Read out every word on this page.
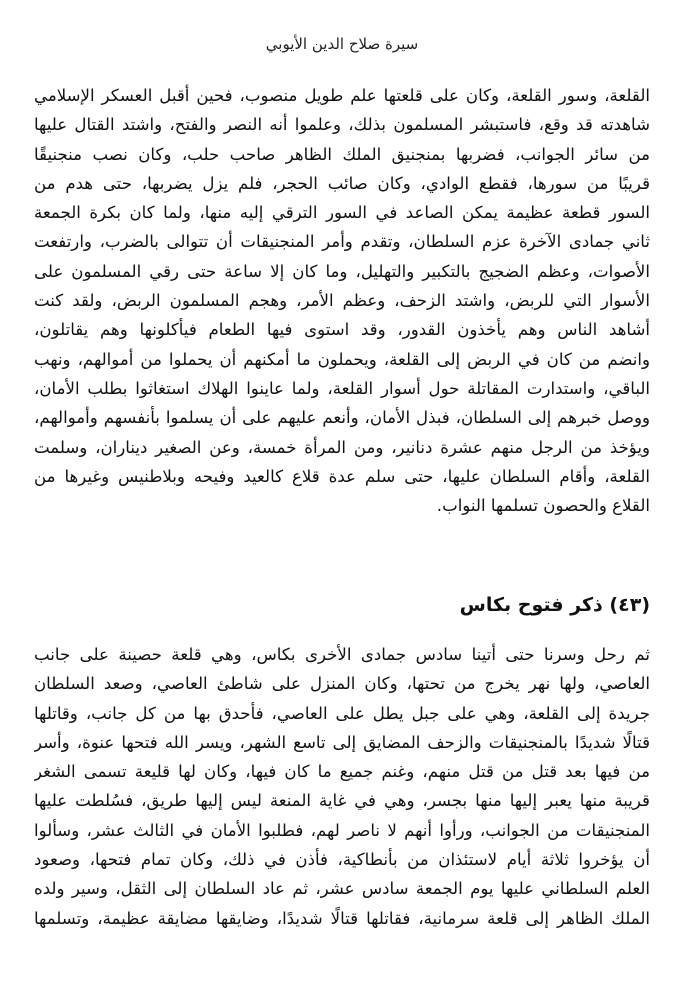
سيرة صلاح الدين الأيوبي
القلعة، وسور القلعة، وكان على قلعتها علم طويل منصوب، فحين أقبل العسكر الإسلامي
شاهدته قد وقع، فاستبشر المسلمون بذلك، وعلموا أنه النصر والفتح، واشتد القتال عليها
من سائر الجوانب، فضربها بمنجنيق الملك الظاهر صاحب حلب، وكان نصب منجنيقًا
قريبًا من سورها، فقطع الوادي، وكان صائب الحجر، فلم يزل يضربها، حتى هدم من
السور قطعة عظيمة يمكن الصاعد في السور الترقي إليه منها، ولما كان بكرة الجمعة
ثاني جمادى الآخرة عزم السلطان، وتقدم وأمر المنجنيقات أن تتوالى بالضرب، وارتفعت
الأصوات، وعظم الضجيج بالتكبير والتهليل، وما كان إلا ساعة حتى رقي المسلمون على
الأسوار التي للربض، واشتد الزحف، وعظم الأمر، وهجم المسلمون الربض، ولقد كنت
أشاهد الناس وهم يأخذون القدور، وقد استوى فيها الطعام فيأكلونها وهم يقاتلون،
وانضم من كان في الربض إلى القلعة، ويحملون ما أمكنهم أن يحملوا من أموالهم، ونهب
الباقي، واستدارت المقاتلة حول أسوار القلعة، ولما عاينوا الهلاك استغاثوا بطلب الأمان،
ووصل خبرهم إلى السلطان، فبذل الأمان، وأنعم عليهم على أن يسلموا بأنفسهم وأموالهم،
ويؤخذ من الرجل منهم عشرة دنانير، ومن المرأة خمسة، وعن الصغير ديناران، وسلمت
القلعة، وأقام السلطان عليها، حتى سلم عدة قلاع كالعيد وفيحه وبلاطنيس وغيرها من
القلاع والحصون تسلمها النواب.
(٤٣) ذكر فتوح بكاس
ثم رحل وسرنا حتى أتينا سادس جمادى الأخرى بكاس، وهي قلعة حصينة على جانب
العاصي، ولها نهر يخرج من تحتها، وكان المنزل على شاطئ العاصي، وصعد السلطان
جريدة إلى القلعة، وهي على جبل يطل على العاصي، فأحدق بها من كل جانب، وقاتلها
قتالًا شديدًا بالمنجنيقات والزحف المضايق إلى تاسع الشهر، ويسر الله فتحها عنوة، وأسر
من فيها بعد قتل من قتل منهم، وغنم جميع ما كان فيها، وكان لها قليعة تسمى الشغر
قريبة منها يعبر إليها منها بجسر، وهي في غاية المنعة ليس إليها طريق، فسُلطت عليها
المنجنيقات من الجوانب، ورأوا أنهم لا ناصر لهم، فطلبوا الأمان في الثالث عشر، وسألوا
أن يؤخروا ثلاثة أيام لاستئذان من بأنطاكية، فأذن في ذلك، وكان تمام فتحها، وصعود
العلم السلطاني عليها يوم الجمعة سادس عشر، ثم عاد السلطان إلى الثقل، وسير ولده
الملك الظاهر إلى قلعة سرمانية، فقاتلها قتالًا شديدًا، وضايقها مضايقة عظيمة، وتسلمها
